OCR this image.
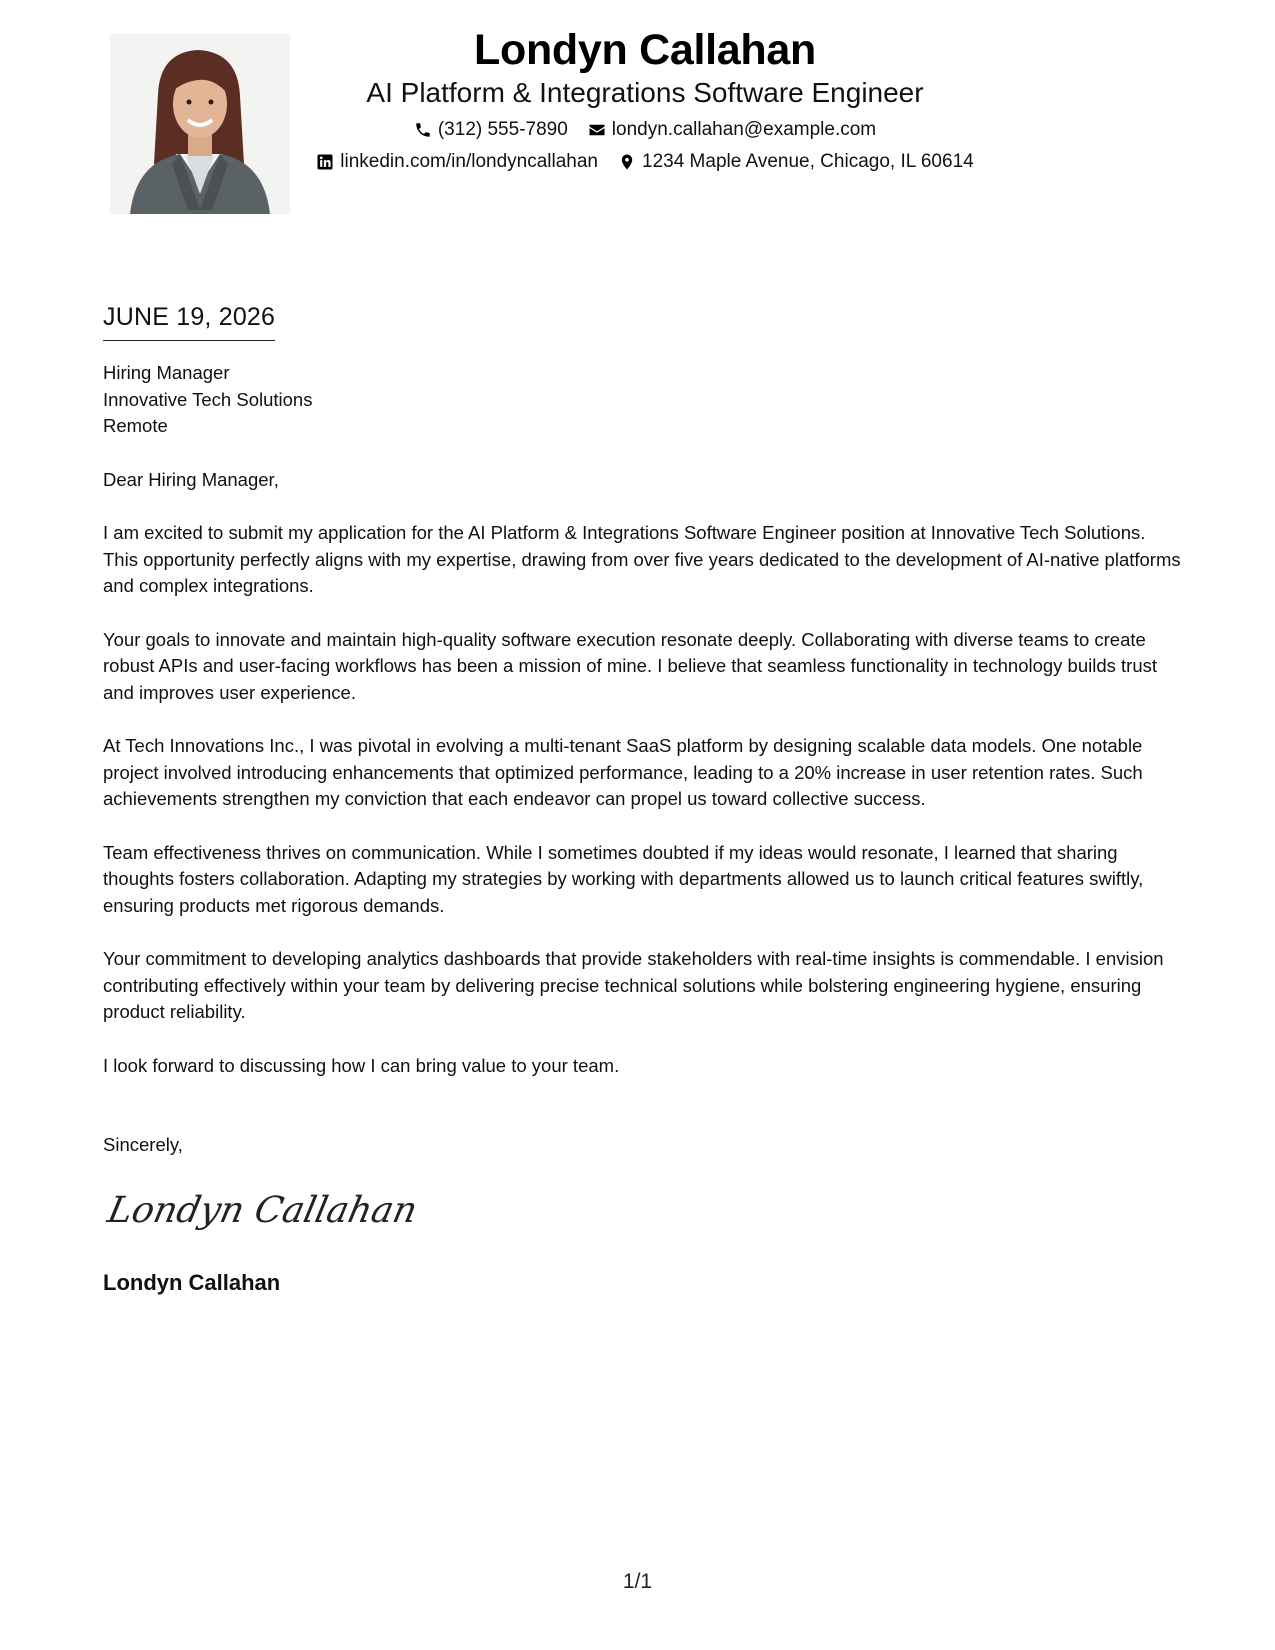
Londyn Callahan
AI Platform & Integrations Software Engineer
(312) 555-7890 londyn.callahan@example.com
linkedin.com/in/londyncallahan 1234 Maple Avenue, Chicago, IL 60614
JUNE 19, 2026
Hiring Manager
Innovative Tech Solutions
Remote
Dear Hiring Manager,
I am excited to submit my application for the AI Platform & Integrations Software Engineer position at Innovative Tech Solutions. This opportunity perfectly aligns with my expertise, drawing from over five years dedicated to the development of AI-native platforms and complex integrations.
Your goals to innovate and maintain high-quality software execution resonate deeply. Collaborating with diverse teams to create robust APIs and user-facing workflows has been a mission of mine. I believe that seamless functionality in technology builds trust and improves user experience.
At Tech Innovations Inc., I was pivotal in evolving a multi-tenant SaaS platform by designing scalable data models. One notable project involved introducing enhancements that optimized performance, leading to a 20% increase in user retention rates. Such achievements strengthen my conviction that each endeavor can propel us toward collective success.
Team effectiveness thrives on communication. While I sometimes doubted if my ideas would resonate, I learned that sharing thoughts fosters collaboration. Adapting my strategies by working with departments allowed us to launch critical features swiftly, ensuring products met rigorous demands.
Your commitment to developing analytics dashboards that provide stakeholders with real-time insights is commendable. I envision contributing effectively within your team by delivering precise technical solutions while bolstering engineering hygiene, ensuring product reliability.
I look forward to discussing how I can bring value to your team.
Sincerely,
Londyn Callahan
Londyn Callahan
1/1
